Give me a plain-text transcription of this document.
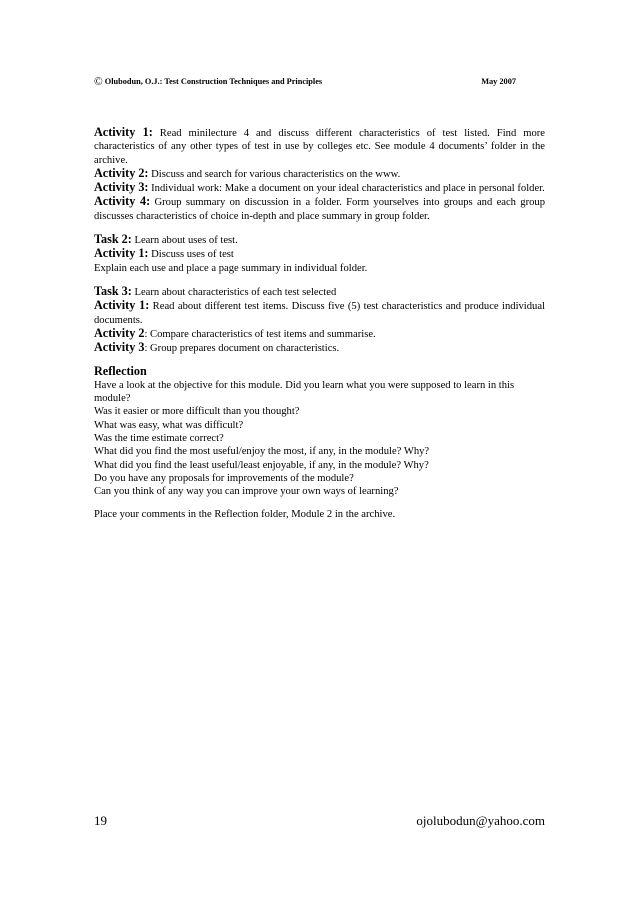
© Olubodun, O.J.: Test Construction Techniques and Principles	May 2007

Activity 1: Read minilecture 4 and discuss different characteristics of test listed. Find more characteristics of any other types of test in use by colleges etc. See module 4 documents’ folder in the archive.

Activity 2: Discuss and search for various characteristics on the www.

Activity 3: Individual work: Make a document on your ideal characteristics and place in personal folder.

Activity 4: Group summary on discussion in a folder. Form yourselves into groups and each group discusses characteristics of choice in-depth and place summary in group folder.

Task 2: Learn about uses of test.

Activity 1: Discuss uses of test

Explain each use and place a page summary in individual folder.

Task 3: Learn about characteristics of each test selected

Activity 1: Read about different test items. Discuss five (5) test characteristics and produce individual documents.

Activity 2: Compare characteristics of test items and summarise.

Activity 3: Group prepares document on characteristics.

Reflection

Have a look at the objective for this module. Did you learn what you were supposed to learn in this module?

Was it easier or more difficult than you thought?

What was easy, what was difficult?

Was the time estimate correct?

What did you find the most useful/enjoy the most, if any, in the module? Why?

What did you find the least useful/least enjoyable, if any, in the module? Why?

Do you have any proposals for improvements of the module?

Can you think of any way you can improve your own ways of learning?

Place your comments in the Reflection folder, Module 2 in the archive.

19	ojolubodun@yahoo.com
